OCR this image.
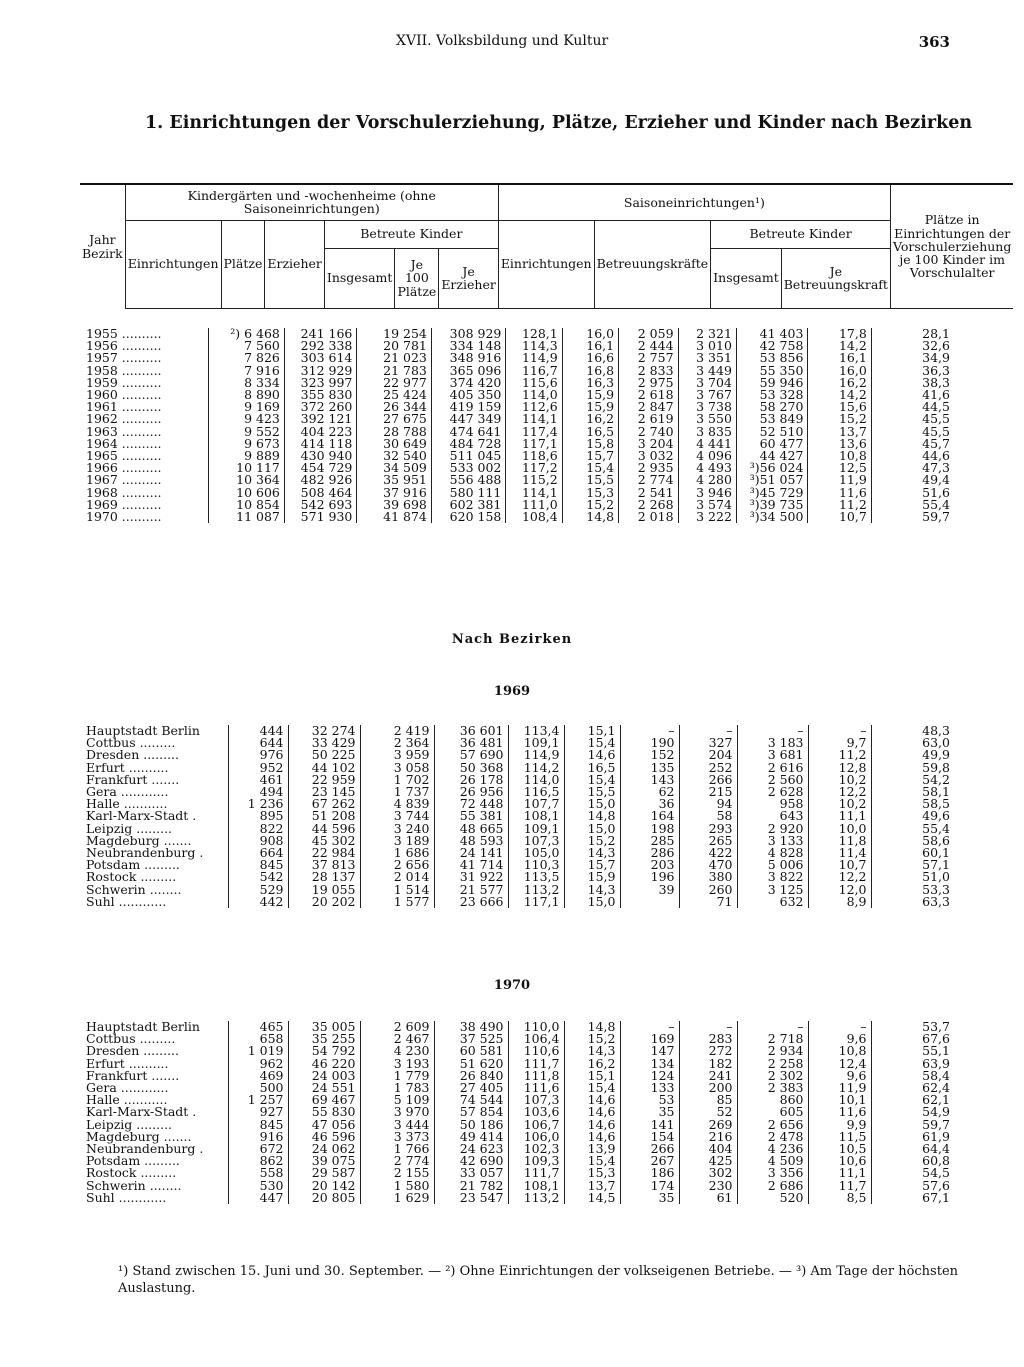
XVII. Volksbildung und Kultur	363
1. Einrichtungen der Vorschulerziehung, Plätze, Erzieher und Kinder nach Bezirken
Jahr
Bezirk	Kindergärten und -wochenheime (ohne Saisoneinrichtungen)						Saisoneinrichtungen¹)				Plätze in Einrichtungen der Vorschulerziehung je 100 Kinder im Vorschulalter
	Einrichtungen	Plätze	Erzieher	Betreute Kinder			Einrichtungen	Betreuungskräfte	Betreute Kinder		
				Insgesamt	Je 100 Plätze	Je Erzieher			Insgesamt	Je Betreuungskraft	
1955 ..........	²) 6 468	241 166	19 254	308 929	128,1	16,0	2 059	2 321	41 403	17,8	28,1
1956 ..........	7 560	292 338	20 781	334 148	114,3	16,1	2 444	3 010	42 758	14,2	32,6
1957 ..........	7 826	303 614	21 023	348 916	114,9	16,6	2 757	3 351	53 856	16,1	34,9
1958 ..........	7 916	312 929	21 783	365 096	116,7	16,8	2 833	3 449	55 350	16,0	36,3
1959 ..........	8 334	323 997	22 977	374 420	115,6	16,3	2 975	3 704	59 946	16,2	38,3
1960 ..........	8 890	355 830	25 424	405 350	114,0	15,9	2 618	3 767	53 328	14,2	41,6
1961 ..........	9 169	372 260	26 344	419 159	112,6	15,9	2 847	3 738	58 270	15,6	44,5
1962 ..........	9 423	392 121	27 675	447 349	114,1	16,2	2 619	3 550	53 849	15,2	45,5
1963 ..........	9 552	404 223	28 788	474 641	117,4	16,5	2 740	3 835	52 510	13,7	45,5
1964 ..........	9 673	414 118	30 649	484 728	117,1	15,8	3 204	4 441	60 477	13,6	45,7
1965 ..........	9 889	430 940	32 540	511 045	118,6	15,7	3 032	4 096	44 427	10,8	44,6
1966 ..........	10 117	454 729	34 509	533 002	117,2	15,4	2 935	4 493	³)56 024	12,5	47,3
1967 ..........	10 364	482 926	35 951	556 488	115,2	15,5	2 774	4 280	³)51 057	11,9	49,4
1968 ..........	10 606	508 464	37 916	580 111	114,1	15,3	2 541	3 946	³)45 729	11,6	51,6
1969 ..........	10 854	542 693	39 698	602 381	111,0	15,2	2 268	3 574	³)39 735	11,2	55,4
1970 ..........	11 087	571 930	41 874	620 158	108,4	14,8	2 018	3 222	³)34 500	10,7	59,7
Nach Bezirken
1969
Hauptstadt Berlin	444	32 274	2 419	36 601	113,4	15,1	–	–	–	–	48,3
Cottbus .........	644	33 429	2 364	36 481	109,1	15,4	190	327	3 183	9,7	63,0
Dresden .........	976	50 225	3 959	57 690	114,9	14,6	152	204	3 681	11,2	49,9
Erfurt ..........	952	44 102	3 058	50 368	114,2	16,5	135	252	2 616	12,8	59,8
Frankfurt .......	461	22 959	1 702	26 178	114,0	15,4	143	266	2 560	10,2	54,2
Gera ............	494	23 145	1 737	26 956	116,5	15,5	62	215	2 628	12,2	58,1
Halle ...........	1 236	67 262	4 839	72 448	107,7	15,0	36	94	958	10,2	58,5
Karl-Marx-Stadt .	895	51 208	3 744	55 381	108,1	14,8	164	58	643	11,1	49,6
Leipzig .........	822	44 596	3 240	48 665	109,1	15,0	198	293	2 920	10,0	55,4
Magdeburg .......	908	45 302	3 189	48 593	107,3	15,2	285	265	3 133	11,8	58,6
Neubrandenburg .	664	22 984	1 686	24 141	105,0	14,3	286	422	4 828	11,4	60,1
Potsdam .........	845	37 813	2 656	41 714	110,3	15,7	203	470	5 006	10,7	57,1
Rostock .........	542	28 137	2 014	31 922	113,5	15,9	196	380	3 822	12,2	51,0
Schwerin ........	529	19 055	1 514	21 577	113,2	14,3	39	260	3 125	12,0	53,3
Suhl ............	442	20 202	1 577	23 666	117,1	15,0		71	632	8,9	63,3
1970
Hauptstadt Berlin	465	35 005	2 609	38 490	110,0	14,8	–	–	–	–	53,7
Cottbus .........	658	35 255	2 467	37 525	106,4	15,2	169	283	2 718	9,6	67,6
Dresden .........	1 019	54 792	4 230	60 581	110,6	14,3	147	272	2 934	10,8	55,1
Erfurt ..........	962	46 220	3 193	51 620	111,7	16,2	134	182	2 258	12,4	63,9
Frankfurt .......	469	24 003	1 779	26 840	111,8	15,1	124	241	2 302	9,6	58,4
Gera ............	500	24 551	1 783	27 405	111,6	15,4	133	200	2 383	11,9	62,4
Halle ...........	1 257	69 467	5 109	74 544	107,3	14,6	53	85	860	10,1	62,1
Karl-Marx-Stadt .	927	55 830	3 970	57 854	103,6	14,6	35	52	605	11,6	54,9
Leipzig .........	845	47 056	3 444	50 186	106,7	14,6	141	269	2 656	9,9	59,7
Magdeburg .......	916	46 596	3 373	49 414	106,0	14,6	154	216	2 478	11,5	61,9
Neubrandenburg .	672	24 062	1 766	24 623	102,3	13,9	266	404	4 236	10,5	64,4
Potsdam .........	862	39 075	2 774	42 690	109,3	15,4	267	425	4 509	10,6	60,8
Rostock .........	558	29 587	2 155	33 057	111,7	15,3	186	302	3 356	11,1	54,5
Schwerin ........	530	20 142	1 580	21 782	108,1	13,7	174	230	2 686	11,7	57,6
Suhl ............	447	20 805	1 629	23 547	113,2	14,5	35	61	520	8,5	67,1
¹) Stand zwischen 15. Juni und 30. September. — ²) Ohne Einrichtungen der volkseigenen Betriebe. — ³) Am Tage der höchsten Auslastung.
